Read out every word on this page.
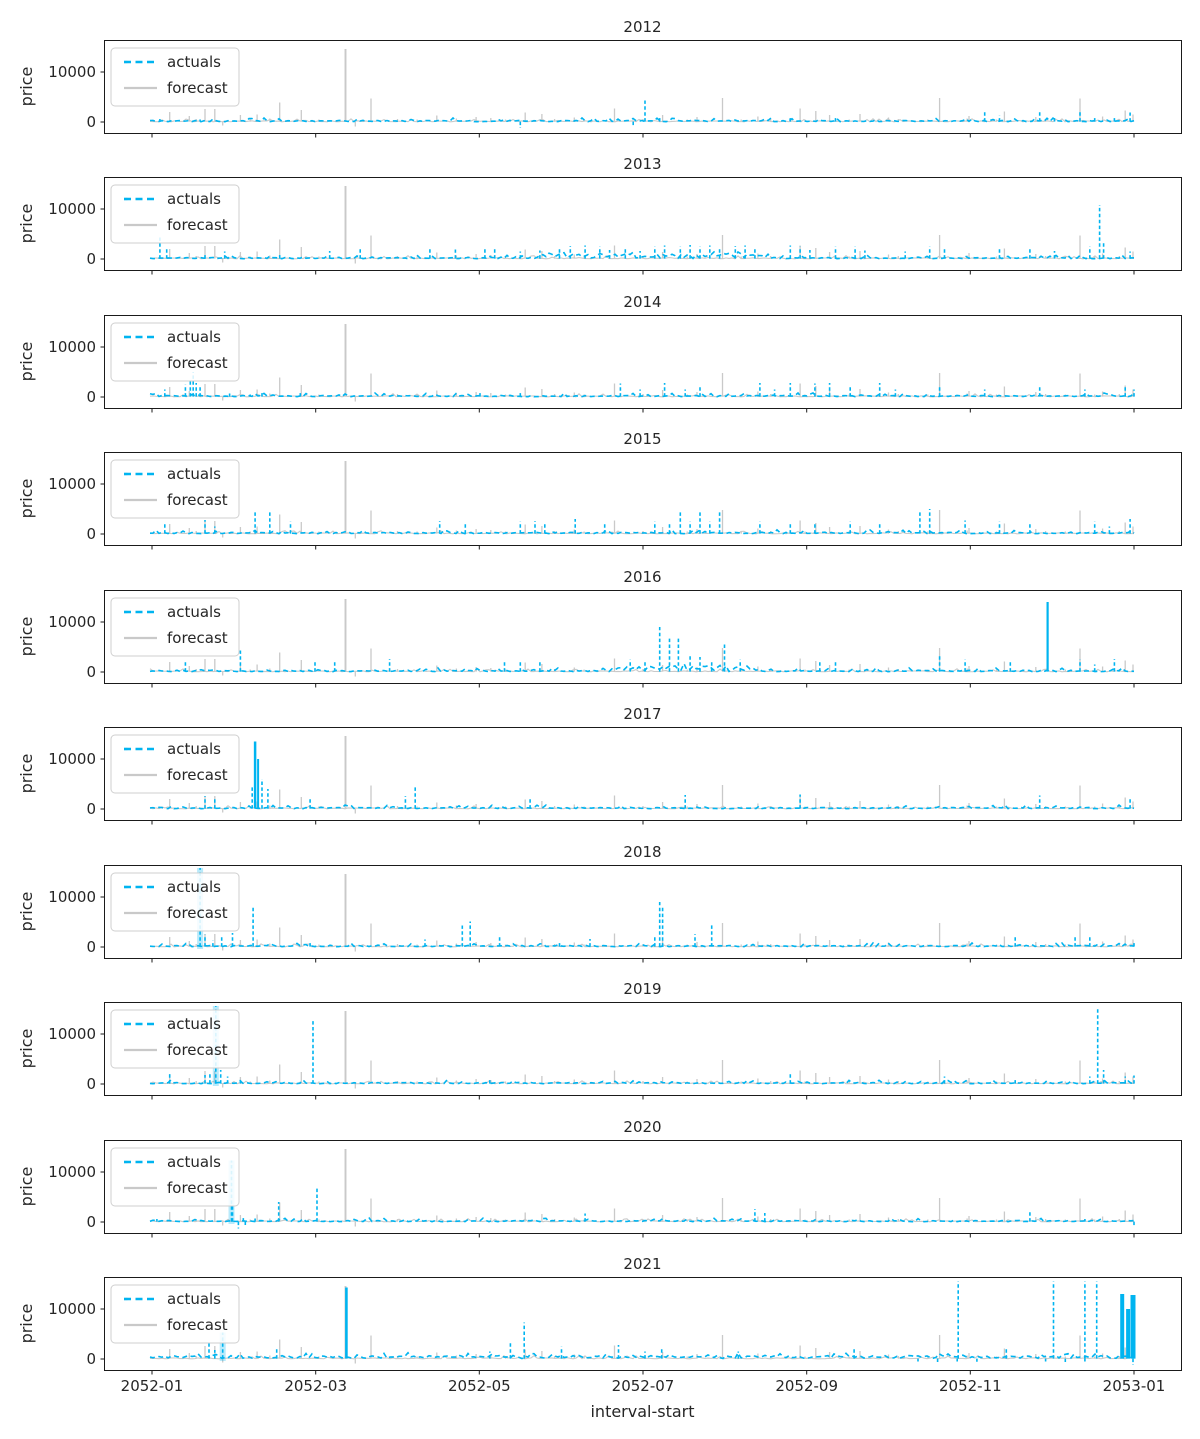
10000
0
price
2012
actuals
forecast
10000
0
price
2013
actuals
forecast
10000
0
price
2014
actuals
forecast
10000
0
price
2015
actuals
forecast
10000
0
price
2016
actuals
forecast
10000
0
price
2017
actuals
forecast
10000
0
price
2018
actuals
forecast
10000
0
price
2019
actuals
forecast
10000
0
price
2020
actuals
forecast
10000
0
price
2021
actuals
forecast
2052-01	2052-03	2052-05	2052-07	2052-09	2052-11	2053-01
interval-start
